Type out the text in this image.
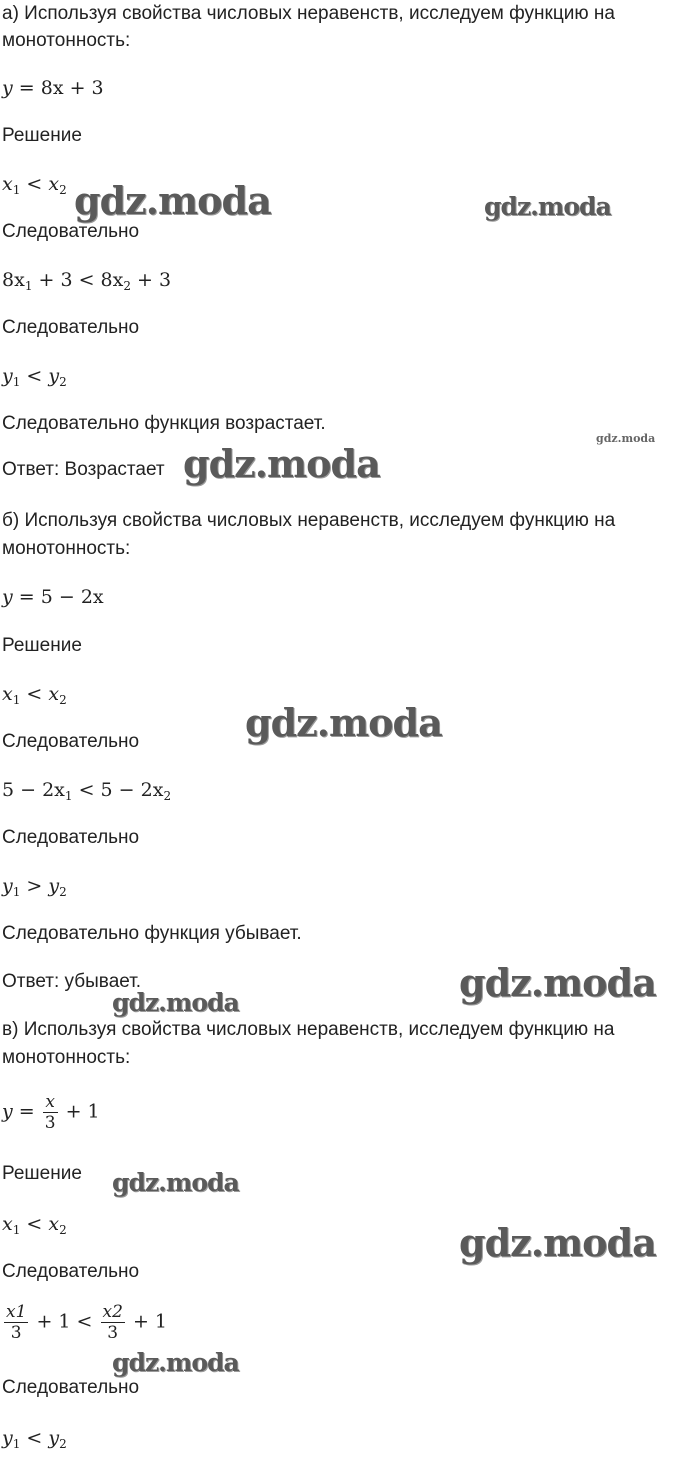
а) Используя свойства числовых неравенств, исследуем функцию на
монотонность:
y = 8x + 3
Решение
$x_1 < x_2$
Следовательно
$8x_1 + 3 < 8x_2 + 3$
Следовательно
$y_1 < y_2$
Следовательно функция возрастает.
Ответ: Возрастает
б) Используя свойства числовых неравенств, исследуем функцию на
монотонность:
y = 5 − 2x
Решение
$x_1 < x_2$
Следовательно
$5 - 2x_1 < 5 - 2x_2$
Следовательно
$y_1 > y_2$
Следовательно функция убывает.
Ответ: убывает.
в) Используя свойства числовых неравенств, исследуем функцию на
монотонность:
$y = \frac{x}{3} + 1$
Решение
$x_1 < x_2$
Следовательно
$\frac{x1}{3} + 1 < \frac{x2}{3} + 1$
Следовательно
$y_1 < y_2$
gdz.moda	gdz.moda
gdz.moda
gdz.moda
gdz.moda
gdz.moda
gdz.moda
gdz.moda
gdz.moda
gdz.moda
